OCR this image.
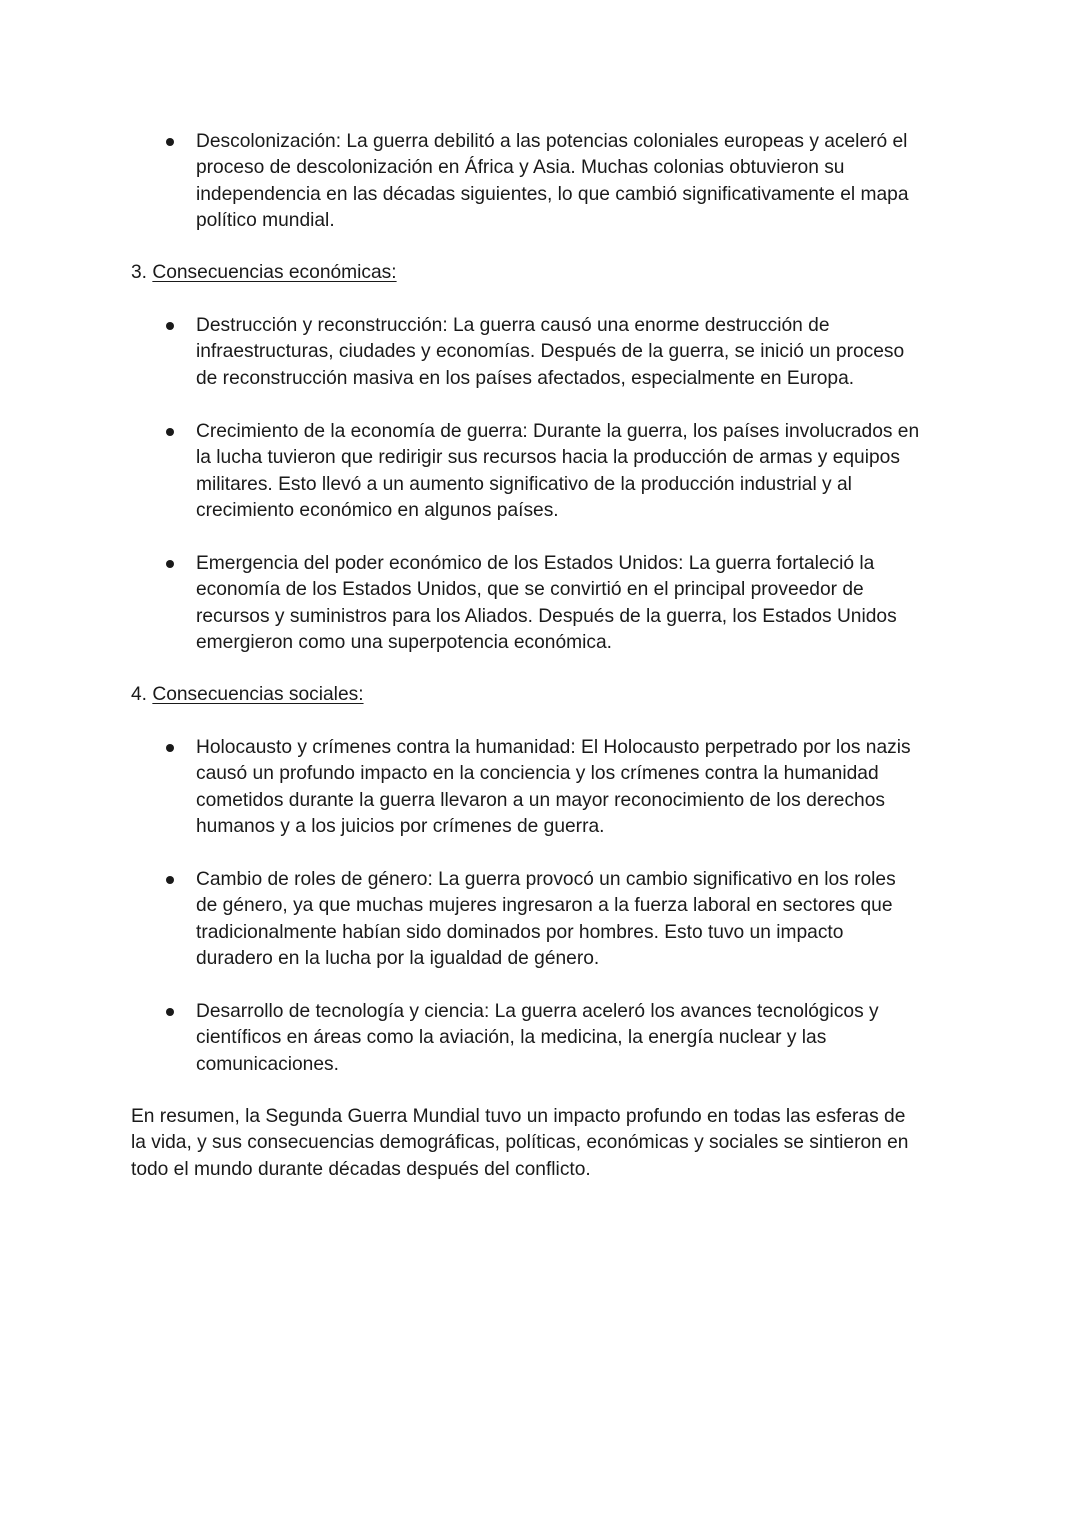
Descolonización: La guerra debilitó a las potencias coloniales europeas y aceleró el
proceso de descolonización en África y Asia. Muchas colonias obtuvieron su
independencia en las décadas siguientes, lo que cambió significativamente el mapa
político mundial.

3. Consecuencias económicas:

Destrucción y reconstrucción: La guerra causó una enorme destrucción de
infraestructuras, ciudades y economías. Después de la guerra, se inició un proceso
de reconstrucción masiva en los países afectados, especialmente en Europa.

Crecimiento de la economía de guerra: Durante la guerra, los países involucrados en
la lucha tuvieron que redirigir sus recursos hacia la producción de armas y equipos
militares. Esto llevó a un aumento significativo de la producción industrial y al
crecimiento económico en algunos países.

Emergencia del poder económico de los Estados Unidos: La guerra fortaleció la
economía de los Estados Unidos, que se convirtió en el principal proveedor de
recursos y suministros para los Aliados. Después de la guerra, los Estados Unidos
emergieron como una superpotencia económica.

4. Consecuencias sociales:

Holocausto y crímenes contra la humanidad: El Holocausto perpetrado por los nazis
causó un profundo impacto en la conciencia y los crímenes contra la humanidad
cometidos durante la guerra llevaron a un mayor reconocimiento de los derechos
humanos y a los juicios por crímenes de guerra.

Cambio de roles de género: La guerra provocó un cambio significativo en los roles
de género, ya que muchas mujeres ingresaron a la fuerza laboral en sectores que
tradicionalmente habían sido dominados por hombres. Esto tuvo un impacto
duradero en la lucha por la igualdad de género.

Desarrollo de tecnología y ciencia: La guerra aceleró los avances tecnológicos y
científicos en áreas como la aviación, la medicina, la energía nuclear y las
comunicaciones.

En resumen, la Segunda Guerra Mundial tuvo un impacto profundo en todas las esferas de
la vida, y sus consecuencias demográficas, políticas, económicas y sociales se sintieron en
todo el mundo durante décadas después del conflicto.
